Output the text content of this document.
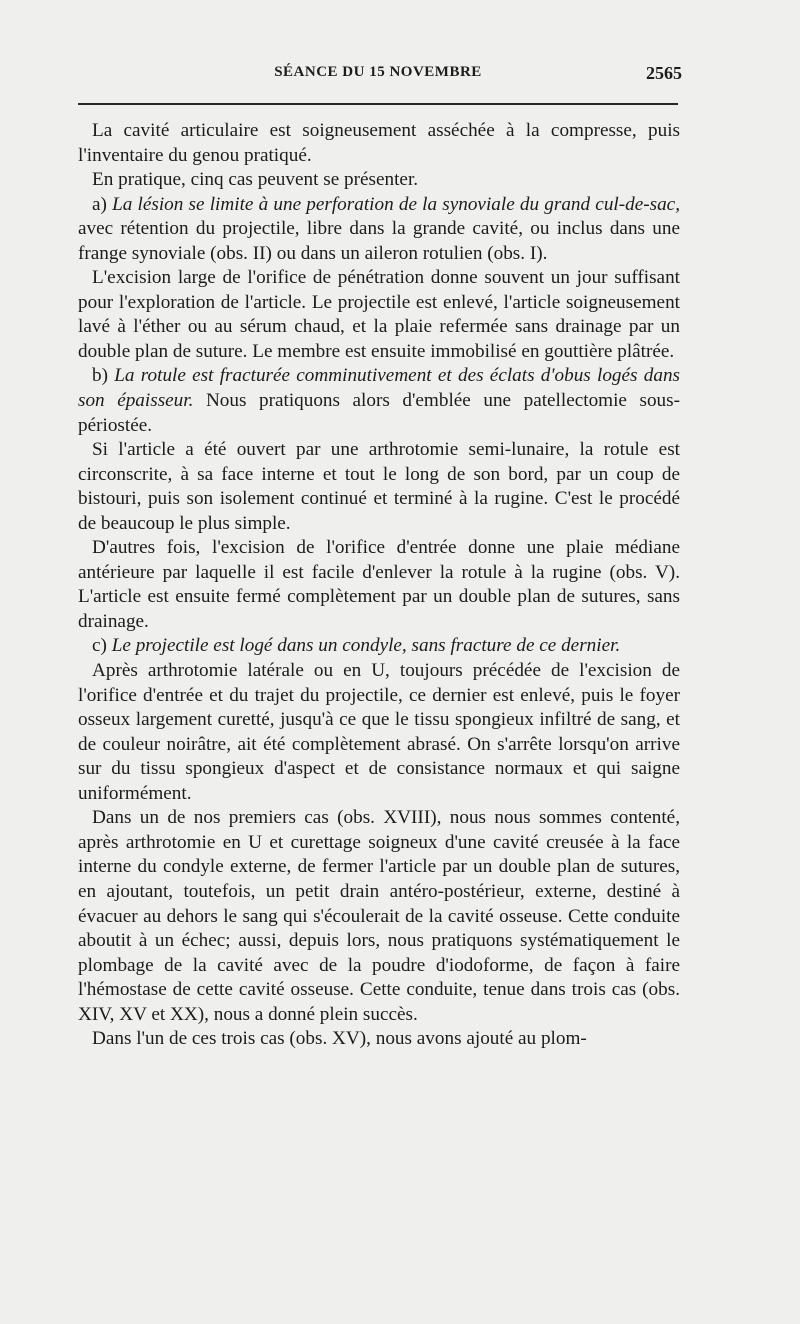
SÉANCE DU 15 NOVEMBRE	2565

La cavité articulaire est soigneusement asséchée à la compresse, puis l'inventaire du genou pratiqué.

En pratique, cinq cas peuvent se présenter.

a) La lésion se limite à une perforation de la synoviale du grand cul-de-sac, avec rétention du projectile, libre dans la grande cavité, ou inclus dans une frange synoviale (obs. II) ou dans un aileron rotulien (obs. I).

L'excision large de l'orifice de pénétration donne souvent un jour suffisant pour l'exploration de l'article. Le projectile est enlevé, l'article soigneusement lavé à l'éther ou au sérum chaud, et la plaie refermée sans drainage par un double plan de suture. Le membre est ensuite immobilisé en gouttière plâtrée.

b) La rotule est fracturée comminutivement et des éclats d'obus logés dans son épaisseur. Nous pratiquons alors d'emblée une patellectomie sous-périostée.

Si l'article a été ouvert par une arthrotomie semi-lunaire, la rotule est circonscrite, à sa face interne et tout le long de son bord, par un coup de bistouri, puis son isolement continué et terminé à la rugine. C'est le procédé de beaucoup le plus simple.

D'autres fois, l'excision de l'orifice d'entrée donne une plaie médiane antérieure par laquelle il est facile d'enlever la rotule à la rugine (obs. V). L'article est ensuite fermé complètement par un double plan de sutures, sans drainage.

c) Le projectile est logé dans un condyle, sans fracture de ce dernier.

Après arthrotomie latérale ou en U, toujours précédée de l'excision de l'orifice d'entrée et du trajet du projectile, ce dernier est enlevé, puis le foyer osseux largement curetté, jusqu'à ce que le tissu spongieux infiltré de sang, et de couleur noirâtre, ait été complètement abrasé. On s'arrête lorsqu'on arrive sur du tissu spongieux d'aspect et de consistance normaux et qui saigne uniformément.

Dans un de nos premiers cas (obs. XVIII), nous nous sommes contenté, après arthrotomie en U et curettage soigneux d'une cavité creusée à la face interne du condyle externe, de fermer l'article par un double plan de sutures, en ajoutant, toutefois, un petit drain antéro-postérieur, externe, destiné à évacuer au dehors le sang qui s'écoulerait de la cavité osseuse. Cette conduite aboutit à un échec; aussi, depuis lors, nous pratiquons systématiquement le plombage de la cavité avec de la poudre d'iodoforme, de façon à faire l'hémostase de cette cavité osseuse. Cette conduite, tenue dans trois cas (obs. XIV, XV et XX), nous a donné plein succès.

Dans l'un de ces trois cas (obs. XV), nous avons ajouté au plom-
